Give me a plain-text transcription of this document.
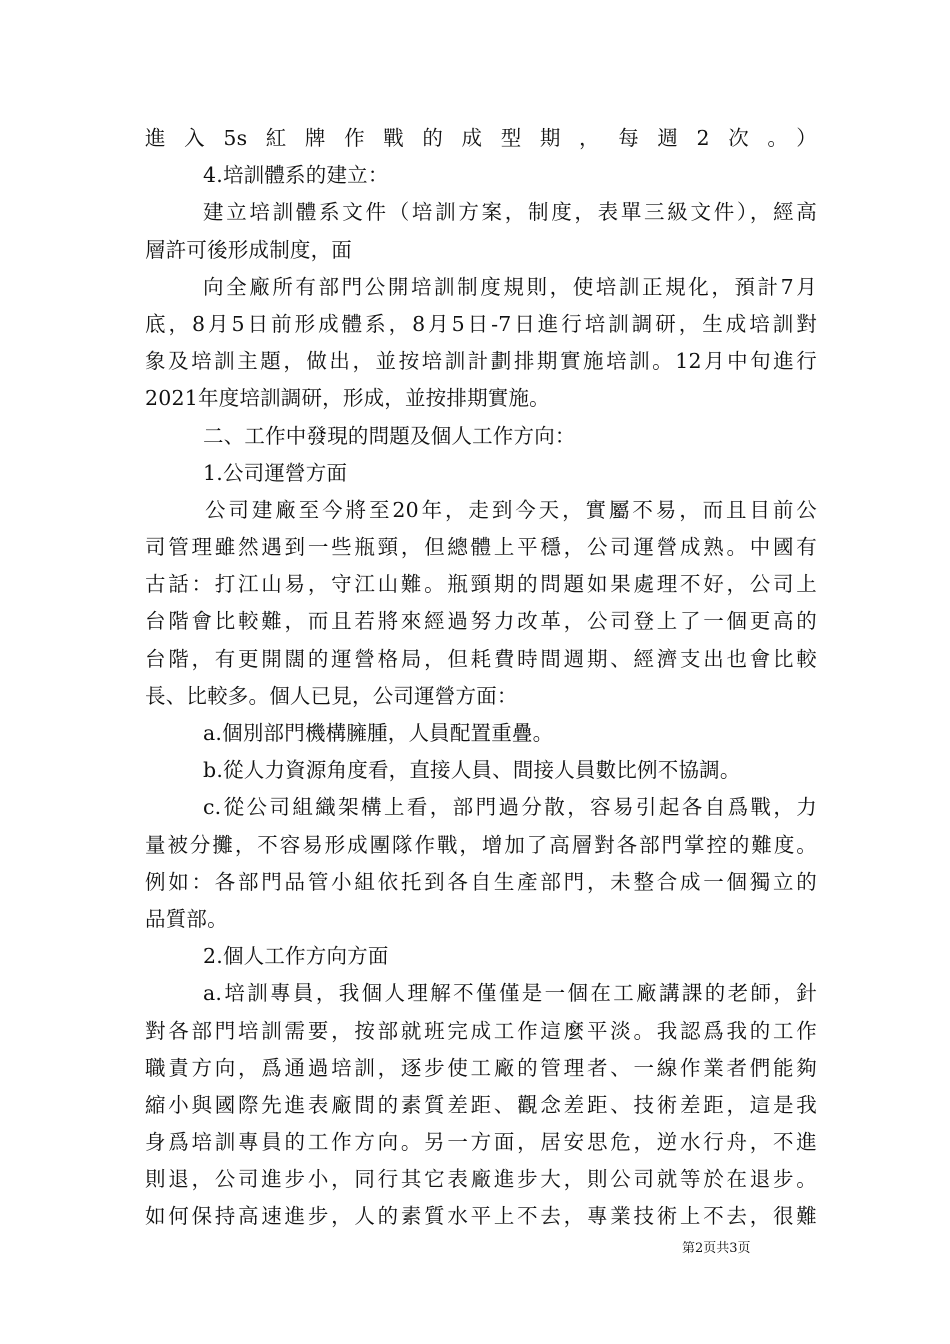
進入5s紅牌作戰的成型期，每週2次。）
4.培訓體系的建立：
建立培訓體系文件（培訓方案，制度，表單三級文件），經高
層許可後形成制度，面
向全廠所有部門公開培訓制度規則，使培訓正規化，預計7月
底，8月5日前形成體系，8月5日-7日進行培訓調研，生成培訓對
象及培訓主題，做出，並按培訓計劃排期實施培訓。12月中旬進行
2021年度培訓調研，形成，並按排期實施。
二、工作中發現的問題及個人工作方向：
1.公司運營方面
公司建廠至今將至20年，走到今天，實屬不易，而且目前公
司管理雖然遇到一些瓶頸，但總體上平穩，公司運營成熟。中國有
古話：打江山易，守江山難。瓶頸期的問題如果處理不好，公司上
台階會比較難，而且若將來經過努力改革，公司登上了一個更高的
台階，有更開闊的運營格局，但耗費時間週期、經濟支出也會比較
長、比較多。個人已見，公司運營方面：
a.個別部門機構臃腫，人員配置重疊。
b.從人力資源角度看，直接人員、間接人員數比例不協調。
c.從公司組織架構上看，部門過分散，容易引起各自爲戰，力
量被分攤，不容易形成團隊作戰，增加了高層對各部門掌控的難度。
例如：各部門品管小組依托到各自生產部門，未整合成一個獨立的
品質部。
2.個人工作方向方面
a.培訓專員，我個人理解不僅僅是一個在工廠講課的老師，針
對各部門培訓需要，按部就班完成工作這麼平淡。我認爲我的工作
職責方向，爲通過培訓，逐步使工廠的管理者、一線作業者們能夠
縮小與國際先進表廠間的素質差距、觀念差距、技術差距，這是我
身爲培訓專員的工作方向。另一方面，居安思危，逆水行舟，不進
則退，公司進步小，同行其它表廠進步大，則公司就等於在退步。
如何保持高速進步，人的素質水平上不去，專業技術上不去，很難
第2页共3页
